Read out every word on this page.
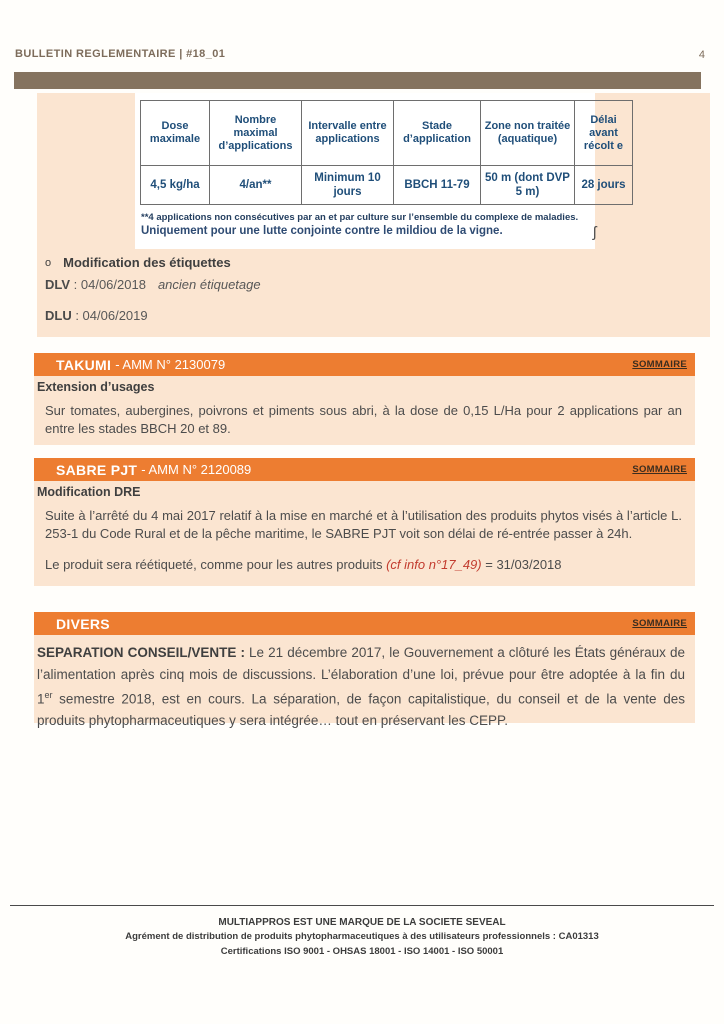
BULLETIN REGLEMENTAIRE | #18_01	4
Dose maximale	Nombre maximal d’applications	Intervalle entre applications	Stade d’application	Zone non traitée (aquatique)	Délai avant récolt e
4,5 kg/ha	4/an**	Minimum 10 jours	BBCH 11-79	50 m (dont DVP 5 m)	28 jours
**4 applications non consécutives par an et par culture sur l’ensemble du complexe de maladies.
Uniquement pour une lutte conjointe contre le mildiou de la vigne.	ʃ
o Modification des étiquettes
DLV : 04/06/2018 ancien étiquetage
DLU : 04/06/2019
TAKUMI - AMM N° 2130079	SOMMAIRE
Extension d’usages
Sur tomates, aubergines, poivrons et piments sous abri, à la dose de 0,15 L/Ha pour 2 applications par an entre les stades BBCH 20 et 89.
SABRE PJT - AMM N° 2120089	SOMMAIRE
Modification DRE
Suite à l’arrêté du 4 mai 2017 relatif à la mise en marché et à l’utilisation des produits phytos visés à l’article L. 253-1 du Code Rural et de la pêche maritime, le SABRE PJT voit son délai de ré-entrée passer à 24h.
Le produit sera réétiqueté, comme pour les autres produits (cf info n°17_49) = 31/03/2018
DIVERS	SOMMAIRE
SEPARATION CONSEIL/VENTE : Le 21 décembre 2017, le Gouvernement a clôturé les États généraux de l’alimentation après cinq mois de discussions. L’élaboration d’une loi, prévue pour être adoptée à la fin du 1er semestre 2018, est en cours. La séparation, de façon capitalistique, du conseil et de la vente des produits phytopharmaceutiques y sera intégrée… tout en préservant les CEPP.
MULTIAPPROS EST UNE MARQUE DE LA SOCIETE SEVEAL
Agrément de distribution de produits phytopharmaceutiques à des utilisateurs professionnels : CA01313
Certifications ISO 9001 - OHSAS 18001 - ISO 14001 - ISO 50001
